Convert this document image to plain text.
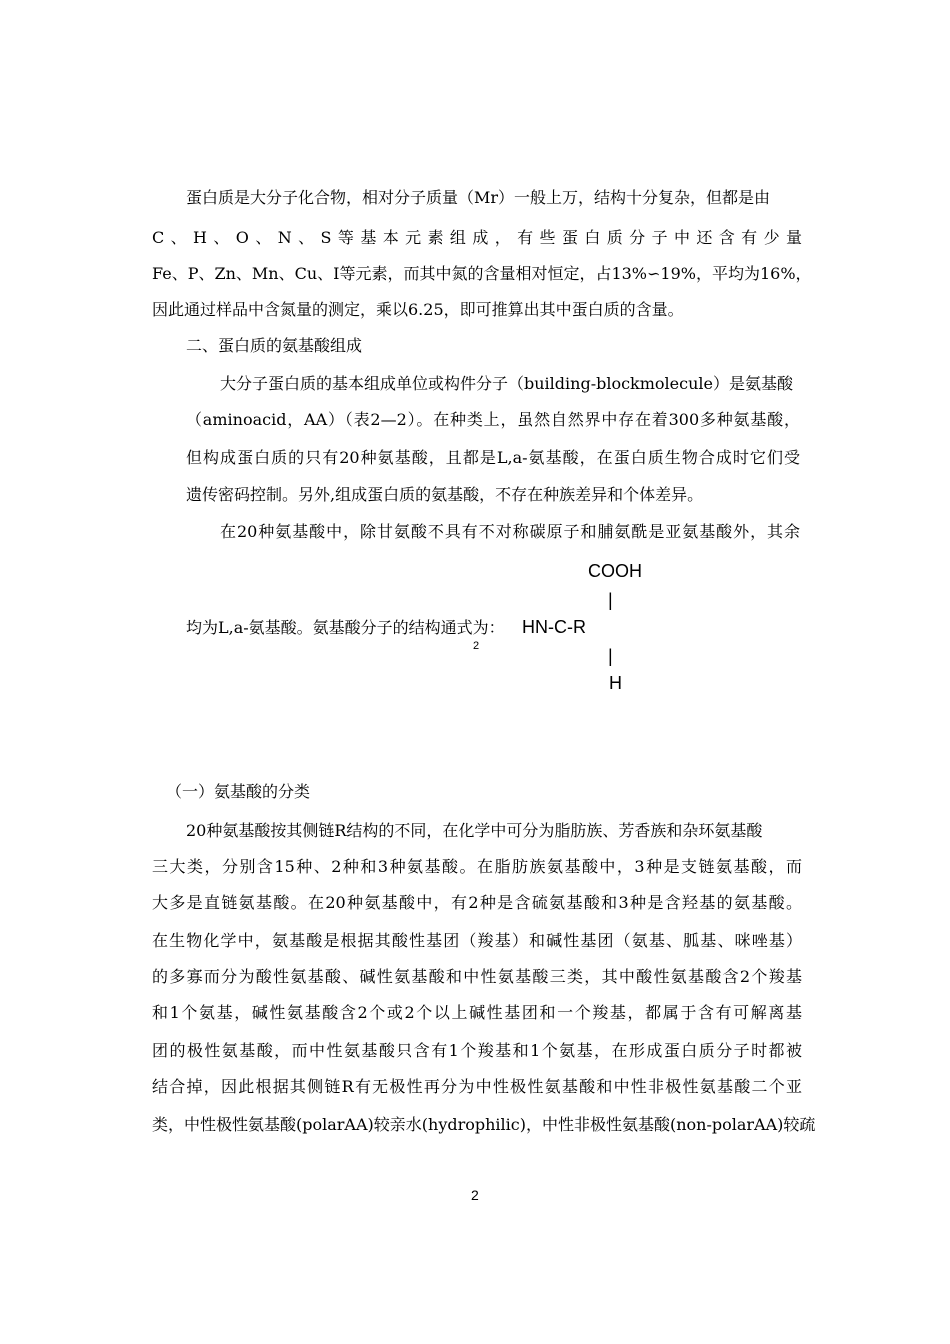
蛋白质是大分子化合物，相对分子质量（Mr）一般上万，结构十分复杂，但都是由
C、H、O、N、S等基本元素组成，有些蛋白质分子中还含有少量
Fe、P、Zn、Mn、Cu、I等元素，而其中氮的含量相对恒定，占13%∽19%，平均为16%，
因此通过样品中含氮量的测定，乘以6.25，即可推算出其中蛋白质的含量。
二、蛋白质的氨基酸组成
大分子蛋白质的基本组成单位或构件分子（building-blockmolecule）是氨基酸
（aminoacid，AA）（表2—2）。在种类上，虽然自然界中存在着300多种氨基酸，
但构成蛋白质的只有20种氨基酸，且都是L,a-氨基酸，在蛋白质生物合成时它们受
遗传密码控制。另外,组成蛋白质的氨基酸，不存在种族差异和个体差异。
在20种氨基酸中，除甘氨酸不具有不对称碳原子和脯氨酰是亚氨基酸外，其余
COOH
|
均为L,a-氨基酸。氨基酸分子的结构通式为： HN-C-R
2	|
H
（一）氨基酸的分类
20种氨基酸按其侧链R结构的不同，在化学中可分为脂肪族、芳香族和杂环氨基酸
三大类，分别含15种、2种和3种氨基酸。在脂肪族氨基酸中，3种是支链氨基酸，而
大多是直链氨基酸。在20种氨基酸中，有2种是含硫氨基酸和3种是含羟基的氨基酸。
在生物化学中，氨基酸是根据其酸性基团（羧基）和碱性基团（氨基、胍基、咪唑基）
的多寡而分为酸性氨基酸、碱性氨基酸和中性氨基酸三类，其中酸性氨基酸含2个羧基
和1个氨基，碱性氨基酸含2个或2个以上碱性基团和一个羧基，都属于含有可解离基
团的极性氨基酸，而中性氨基酸只含有1个羧基和1个氨基，在形成蛋白质分子时都被
结合掉，因此根据其侧链R有无极性再分为中性极性氨基酸和中性非极性氨基酸二个亚
类，中性极性氨基酸(polarAA)较亲水(hydrophilic)，中性非极性氨基酸(non-polarAA)较疏
2
